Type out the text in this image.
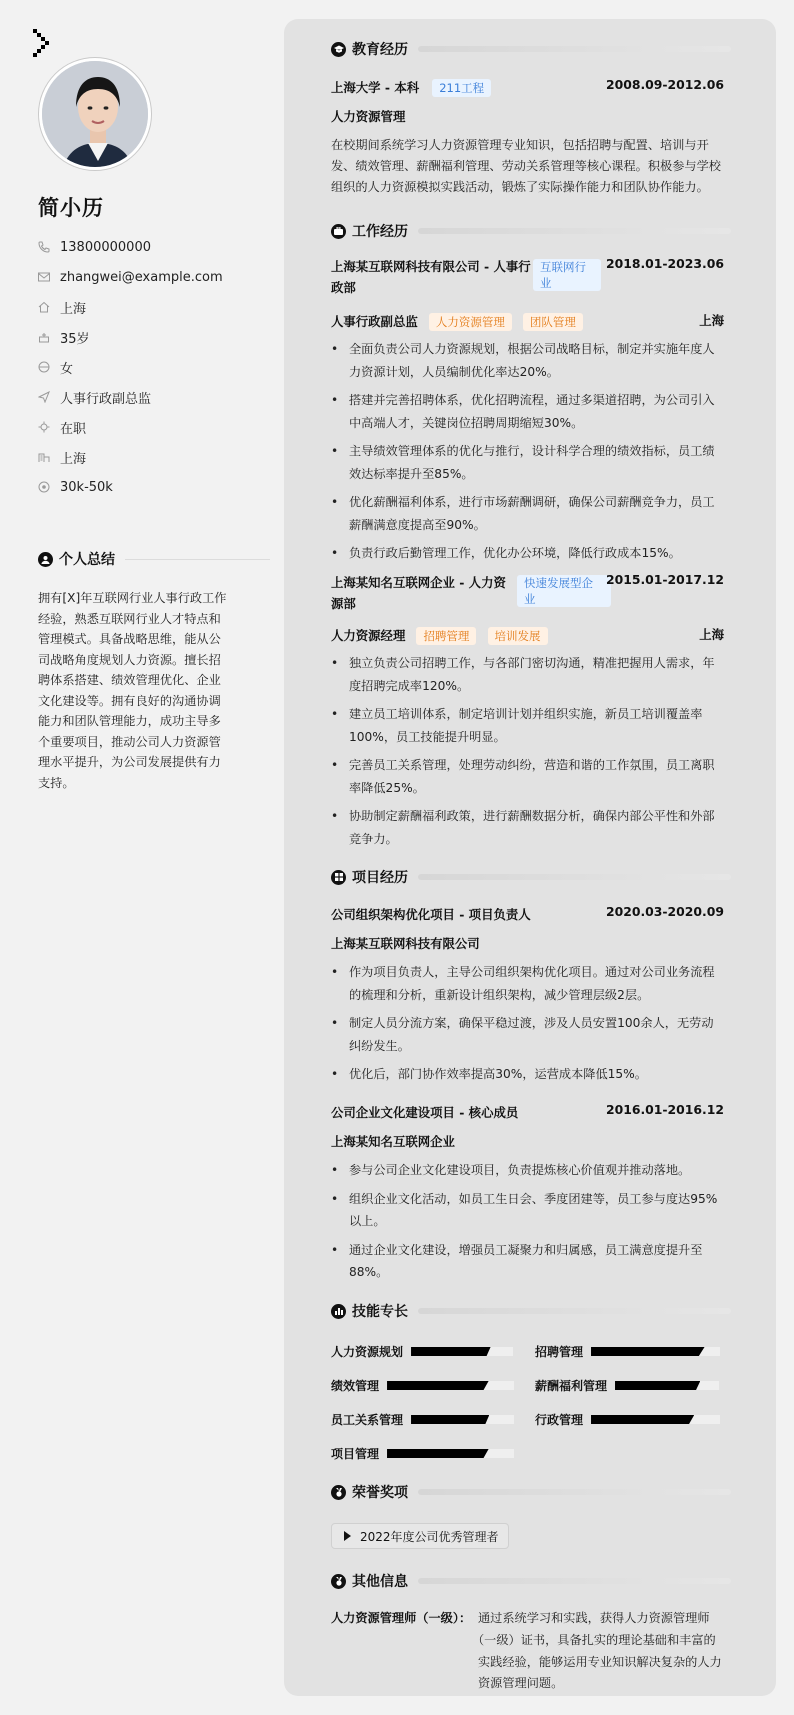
简小历
13800000000
zhangwei@example.com
上海
35岁
女
人事行政副总监
在职
上海
30k-50k
个人总结
拥有[X]年互联网行业人事行政工作经验，熟悉互联网行业人才特点和管理模式。具备战略思维，能从公司战略角度规划人力资源。擅长招聘体系搭建、绩效管理优化、企业文化建设等。拥有良好的沟通协调能力和团队管理能力，成功主导多个重要项目，推动公司人力资源管理水平提升，为公司发展提供有力支持。
教育经历
上海大学 - 本科 211工程	2008.09-2012.06
人力资源管理
在校期间系统学习人力资源管理专业知识，包括招聘与配置、培训与开发、绩效管理、薪酬福利管理、劳动关系管理等核心课程。积极参与学校组织的人力资源模拟实践活动，锻炼了实际操作能力和团队协作能力。
工作经历
上海某互联网科技有限公司 - 人事行
政部
互联网行
业
2018.01-2023.06
人事行政副总监 人力资源管理 团队管理	上海
• 全面负责公司人力资源规划，根据公司战略目标，制定并实施年度人力资源计划，人员编制优化率达20%。
• 搭建并完善招聘体系，优化招聘流程，通过多渠道招聘，为公司引入中高端人才，关键岗位招聘周期缩短30%。
• 主导绩效管理体系的优化与推行，设计科学合理的绩效指标，员工绩效达标率提升至85%。
• 优化薪酬福利体系，进行市场薪酬调研，确保公司薪酬竞争力，员工薪酬满意度提高至90%。
• 负责行政后勤管理工作，优化办公环境，降低行政成本15%。
上海某知名互联网企业 - 人力资
源部
快速发展型企
业
2015.01-2017.12
人力资源经理 招聘管理 培训发展	上海
• 独立负责公司招聘工作，与各部门密切沟通，精准把握用人需求，年度招聘完成率120%。
• 建立员工培训体系，制定培训计划并组织实施，新员工培训覆盖率100%，员工技能提升明显。
• 完善员工关系管理，处理劳动纠纷，营造和谐的工作氛围，员工离职率降低25%。
• 协助制定薪酬福利政策，进行薪酬数据分析，确保内部公平性和外部竞争力。
项目经历
公司组织架构优化项目 - 项目负责人	2020.03-2020.09
上海某互联网科技有限公司
• 作为项目负责人，主导公司组织架构优化项目。通过对公司业务流程的梳理和分析，重新设计组织架构，减少管理层级2层。
• 制定人员分流方案，确保平稳过渡，涉及人员安置100余人，无劳动纠纷发生。
• 优化后，部门协作效率提高30%，运营成本降低15%。
公司企业文化建设项目 - 核心成员	2016.01-2016.12
上海某知名互联网企业
• 参与公司企业文化建设项目，负责提炼核心价值观并推动落地。
• 组织企业文化活动，如员工生日会、季度团建等，员工参与度达95%以上。
• 通过企业文化建设，增强员工凝聚力和归属感，员工满意度提升至88%。
技能专长
人力资源规划	招聘管理
绩效管理	薪酬福利管理
员工关系管理	行政管理
项目管理
荣誉奖项
2022年度公司优秀管理者
其他信息
人力资源管理师（一级）： 通过系统学习和实践，获得人力资源管理师
（一级）证书，具备扎实的理论基础和丰富的
实践经验，能够运用专业知识解决复杂的人力
资源管理问题。
